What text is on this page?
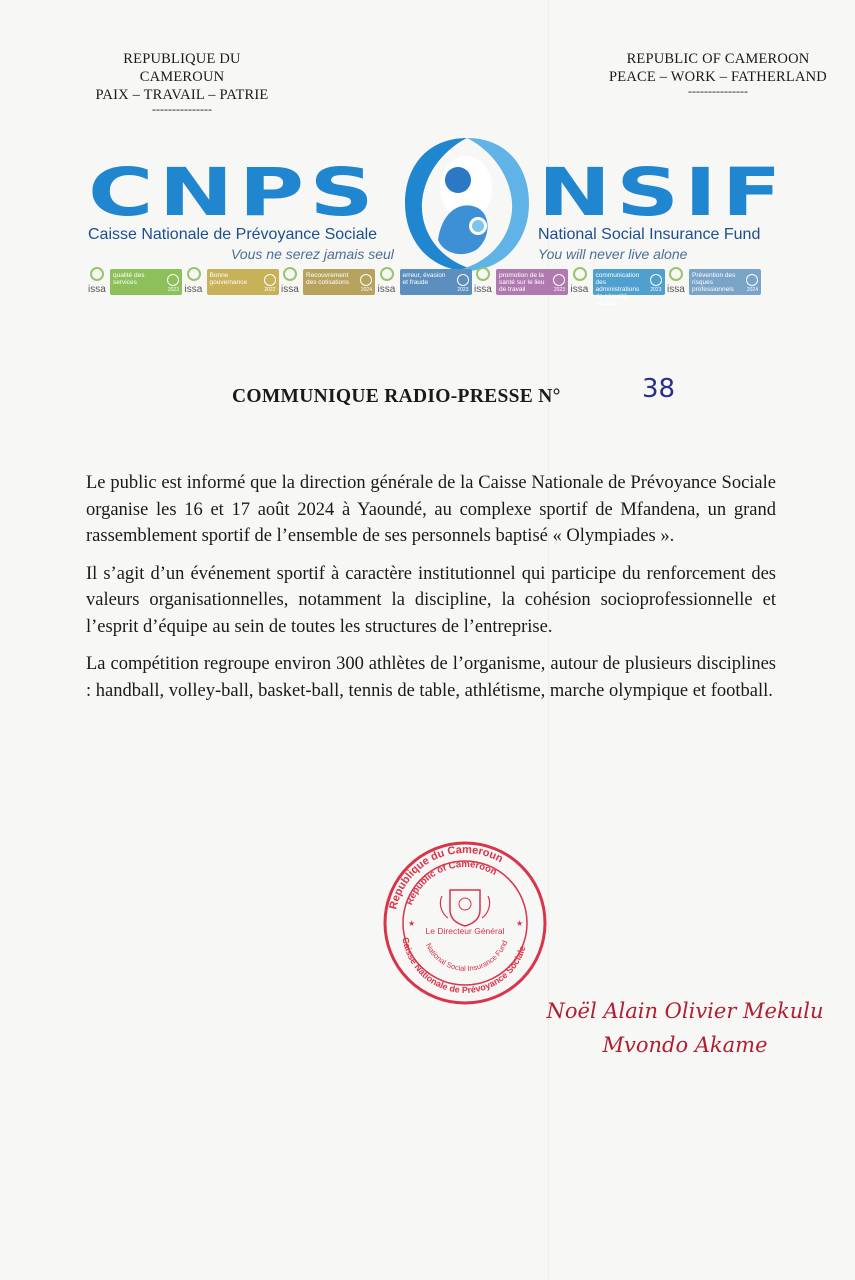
REPUBLIQUE DU CAMEROUN
PAIX – TRAVAIL – PATRIE
---------------
REPUBLIC OF CAMEROON
PEACE – WORK – FATHERLAND
---------------
CNPS
Caisse Nationale de Prévoyance Sociale
Vous ne serez jamais seul
NSIF
National Social Insurance Fund
You will never live alone
issa
qualité des services
2023 issa
Bonne gouvernance
2022 issa
Recouvrement des cotisations
2024 issa
erreur, évasion et fraude
2023 issa
promotion de la santé sur le lieu de travail	2023 issa
communication des administrations de sécurité sociale
2023 issa
Prévention des risques professionnels	2024
COMMUNIQUE RADIO-PRESSE N°	38

Le public est informé que la direction générale de la Caisse Nationale de Prévoyance Sociale organise les 16 et 17 août 2024 à Yaoundé, au complexe sportif de Mfandena, un grand rassemblement sportif de l’ensemble de ses personnels baptisé « Olympiades ».

Il s’agit d’un événement sportif à caractère institutionnel qui participe du renforcement des valeurs organisationnelles, notamment la discipline, la cohésion socioprofessionnelle et l’esprit d’équipe au sein de toutes les structures de l’entreprise.

La compétition regroupe environ 300 athlètes de l’organisme, autour de plusieurs disciplines : handball, volley-ball, basket-ball, tennis de table, athlétisme, marche olympique et football.

Republique du Cameroun
Republic of Cameroon
Caisse Nationale de Prévoyance Sociale
National Social Insurance Fund
Le Directeur Général
★	★
Noël Alain Olivier Mekulu
Mvondo Akame
